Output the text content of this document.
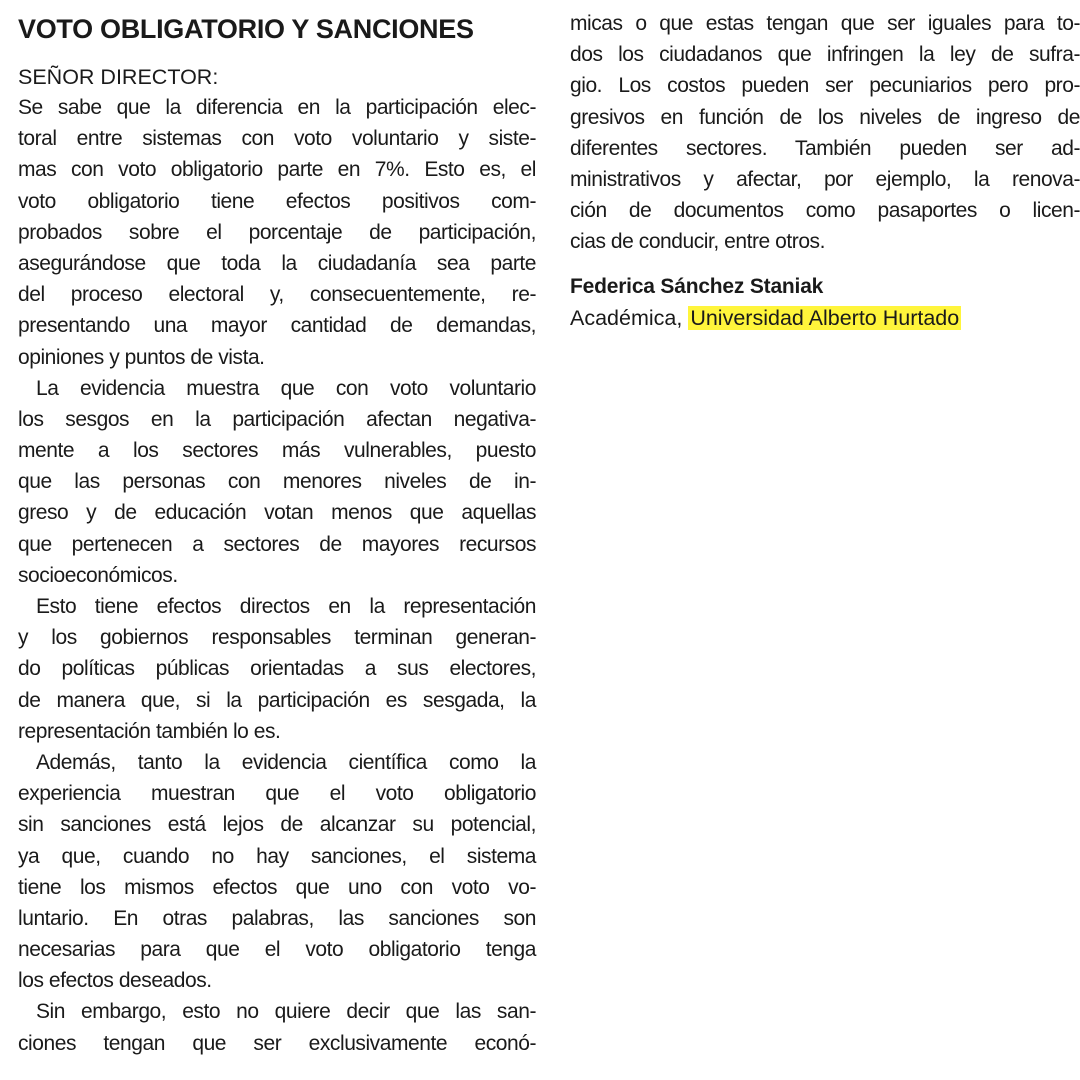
VOTO OBLIGATORIO Y SANCIONES
SEÑOR DIRECTOR:
Se sabe que la diferencia en la participación elec-
toral entre sistemas con voto voluntario y siste-
mas con voto obligatorio parte en 7%. Esto es, el
voto obligatorio tiene efectos positivos com-
probados sobre el porcentaje de participación,
asegurándose que toda la ciudadanía sea parte
del proceso electoral y, consecuentemente, re-
presentando una mayor cantidad de demandas,
opiniones y puntos de vista.
La evidencia muestra que con voto voluntario
los sesgos en la participación afectan negativa-
mente a los sectores más vulnerables, puesto
que las personas con menores niveles de in-
greso y de educación votan menos que aquellas
que pertenecen a sectores de mayores recursos
socioeconómicos.
Esto tiene efectos directos en la representación
y los gobiernos responsables terminan generan-
do políticas públicas orientadas a sus electores,
de manera que, si la participación es sesgada, la
representación también lo es.
Además, tanto la evidencia científica como la
experiencia muestran que el voto obligatorio
sin sanciones está lejos de alcanzar su potencial,
ya que, cuando no hay sanciones, el sistema
tiene los mismos efectos que uno con voto vo-
luntario. En otras palabras, las sanciones son
necesarias para que el voto obligatorio tenga
los efectos deseados.
Sin embargo, esto no quiere decir que las san-
ciones tengan que ser exclusivamente econó-
micas o que estas tengan que ser iguales para to-
dos los ciudadanos que infringen la ley de sufra-
gio. Los costos pueden ser pecuniarios pero pro-
gresivos en función de los niveles de ingreso de
diferentes sectores. También pueden ser ad-
ministrativos y afectar, por ejemplo, la renova-
ción de documentos como pasaportes o licen-
cias de conducir, entre otros.
Federica Sánchez Staniak
Académica, Universidad Alberto Hurtado
